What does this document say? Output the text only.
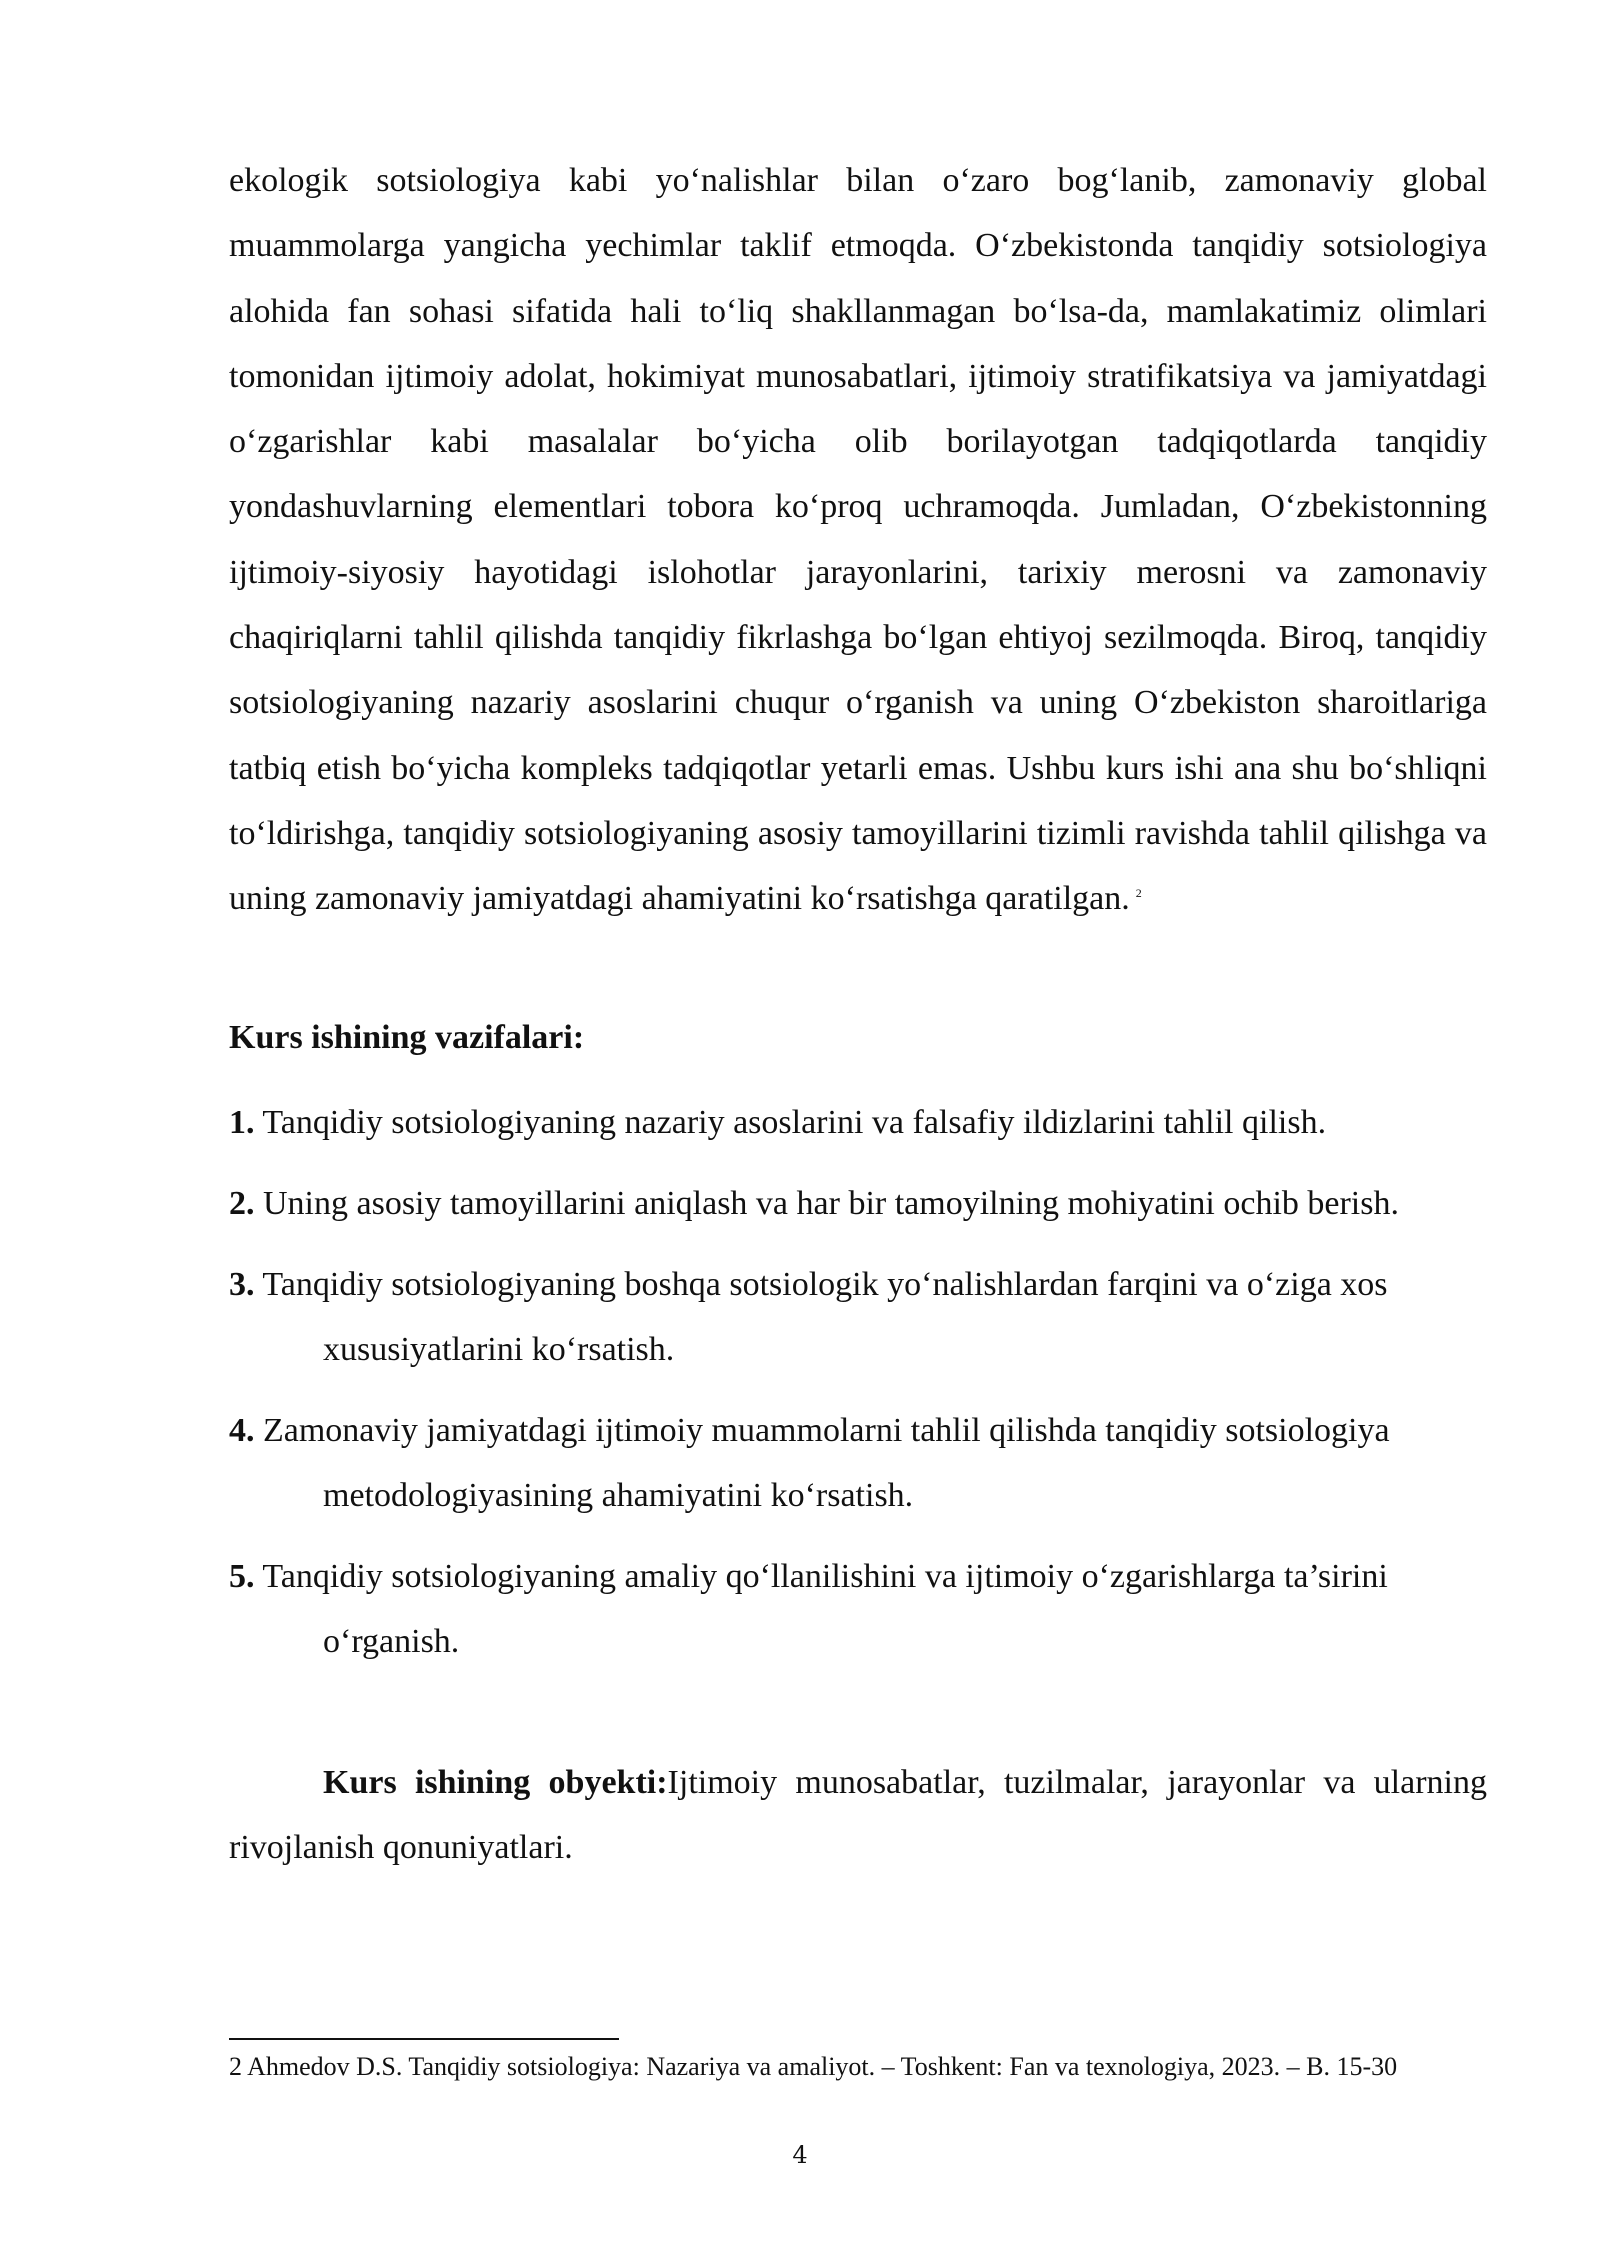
ekologik sotsiologiya kabi yo‘nalishlar bilan o‘zaro bog‘lanib, zamonaviy global muammolarga yangicha yechimlar taklif etmoqda. O‘zbekistonda tanqidiy sotsiologiya alohida fan sohasi sifatida hali to‘liq shakllanmagan bo‘lsa-da, mamlakatimiz olimlari tomonidan ijtimoiy adolat, hokimiyat munosabatlari, ijtimoiy stratifikatsiya va jamiyatdagi o‘zgarishlar kabi masalalar bo‘yicha olib borilayotgan tadqiqotlarda tanqidiy yondashuvlarning elementlari tobora ko‘proq uchramoqda. Jumladan, O‘zbekistonning ijtimoiy-siyosiy hayotidagi islohotlar jarayonlarini, tarixiy merosni va zamonaviy chaqiriqlarni tahlil qilishda tanqidiy fikrlashga bo‘lgan ehtiyoj sezilmoqda. Biroq, tanqidiy sotsiologiyaning nazariy asoslarini chuqur o‘rganish va uning O‘zbekiston sharoitlariga tatbiq etish bo‘yicha kompleks tadqiqotlar yetarli emas. Ushbu kurs ishi ana shu bo‘shliqni to‘ldirishga, tanqidiy sotsiologiyaning asosiy tamoyillarini tizimli ravishda tahlil qilishga va uning zamonaviy jamiyatdagi ahamiyatini ko‘rsatishga qaratilgan. $^2$

Kurs ishining vazifalari:

1. Tanqidiy sotsiologiyaning nazariy asoslarini va falsafiy ildizlarini tahlil qilish.
2. Uning asosiy tamoyillarini aniqlash va har bir tamoyilning mohiyatini ochib berish.
3. Tanqidiy sotsiologiyaning boshqa sotsiologik yo‘nalishlardan farqini va o‘ziga xos xususiyatlarini ko‘rsatish.
4. Zamonaviy jamiyatdagi ijtimoiy muammolarni tahlil qilishda tanqidiy sotsiologiya metodologiyasining ahamiyatini ko‘rsatish.
5. Tanqidiy sotsiologiyaning amaliy qo‘llanilishini va ijtimoiy o‘zgarishlarga ta’sirini o‘rganish.

Kurs ishining obyekti:Ijtimoiy munosabatlar, tuzilmalar, jarayonlar va ularning rivojlanish qonuniyatlari.

2 Ahmedov D.S. Tanqidiy sotsiologiya: Nazariya va amaliyot. – Toshkent: Fan va texnologiya, 2023. – B. 15-30

4
